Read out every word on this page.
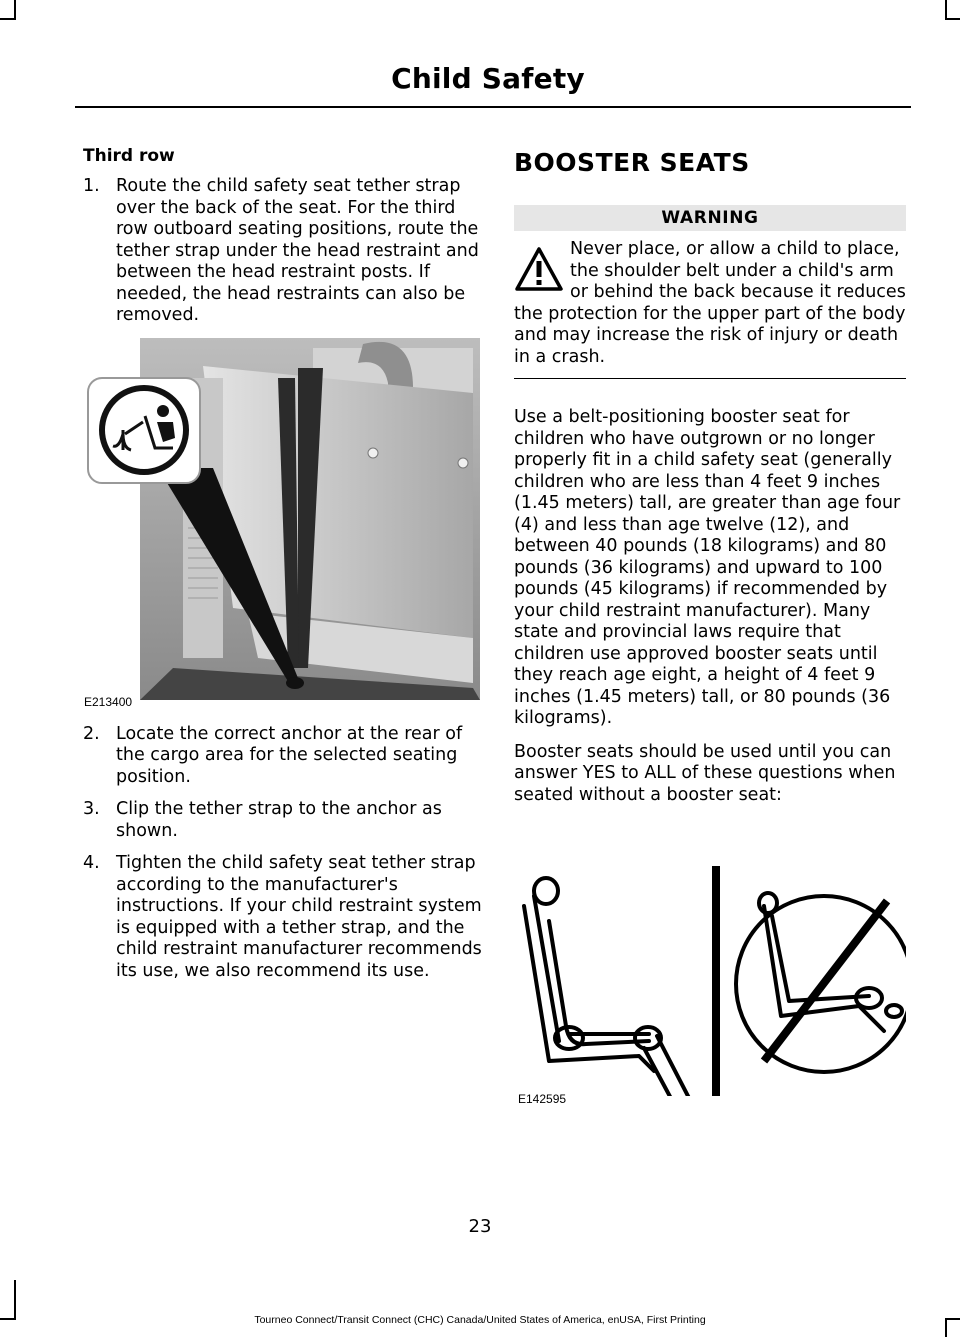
Child Safety
Third row
1. Route the child safety seat tether strap over the back of the seat. For the third row outboard seating positions, route the tether strap under the head restraint and between the head restraint posts. If needed, the head restraints can also be removed.
E213400
2. Locate the correct anchor at the rear of the cargo area for the selected seating position.
3. Clip the tether strap to the anchor as shown.
4. Tighten the child safety seat tether strap according to the manufacturer's instructions. If your child restraint system is equipped with a tether strap, and the child restraint manufacturer recommends its use, we also recommend its use.
BOOSTER SEATS
WARNING
Never place, or allow a child to place, the shoulder belt under a child's arm or behind the back because it reduces the protection for the upper part of the body and may increase the risk of injury or death in a crash.

Use a belt-positioning booster seat for children who have outgrown or no longer properly fit in a child safety seat (generally children who are less than 4 feet 9 inches (1.45 meters) tall, are greater than age four (4) and less than age twelve (12), and between 40 pounds (18 kilograms) and 80 pounds (36 kilograms) and upward to 100 pounds (45 kilograms) if recommended by your child restraint manufacturer). Many state and provincial laws require that children use approved booster seats until they reach age eight, a height of 4 feet 9 inches (1.45 meters) tall, or 80 pounds (36 kilograms).

Booster seats should be used until you can answer YES to ALL of these questions when seated without a booster seat:

E142595
23
Tourneo Connect/Transit Connect (CHC) Canada/United States of America, enUSA, First Printing
